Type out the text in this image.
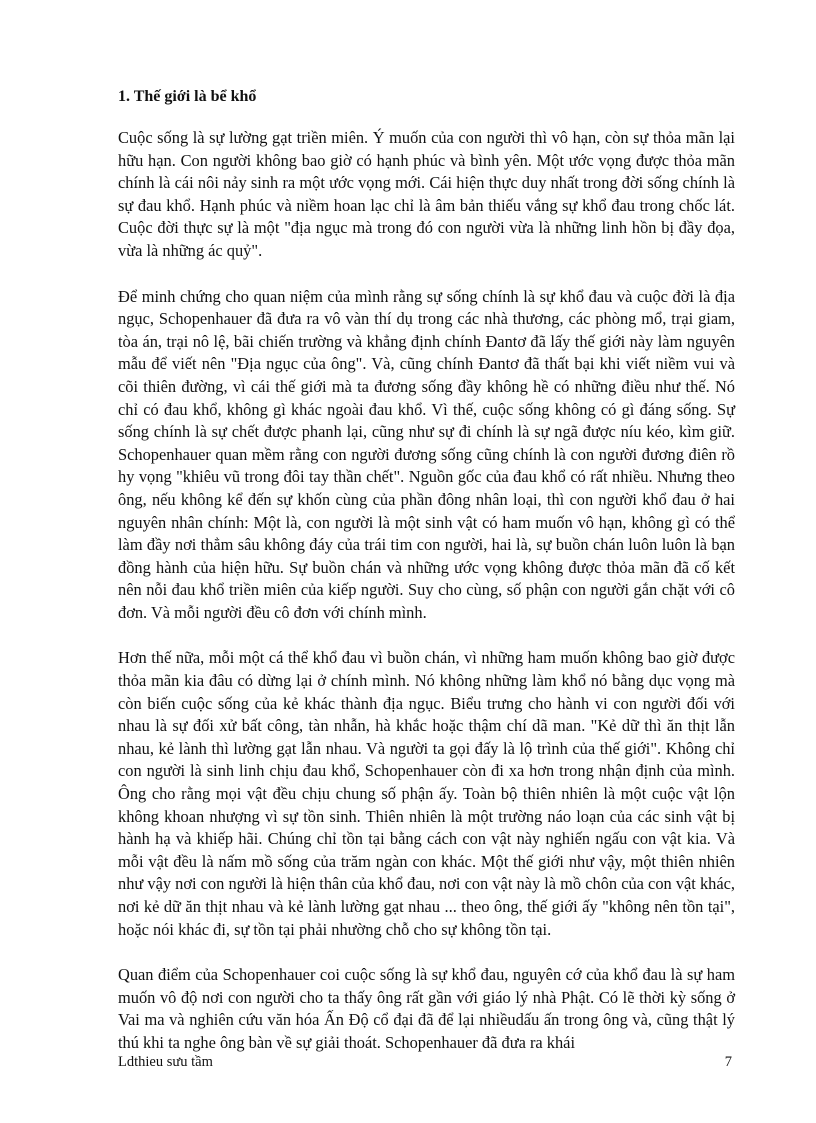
1. Thế giới là bể khổ

Cuộc sống là sự lường gạt triền miên. Ý muốn của con người thì vô hạn, còn sự thỏa mãn lại hữu hạn. Con người không bao giờ có hạnh phúc và bình yên. Một ước vọng được thỏa mãn chính là cái nôi nảy sinh ra một ước vọng mới. Cái hiện thực duy nhất trong đời sống chính là sự đau khổ. Hạnh phúc và niềm hoan lạc chỉ là âm bản thiếu vắng sự khổ đau trong chốc lát. Cuộc đời thực sự là một "địa ngục mà trong đó con người vừa là những linh hồn bị đầy đọa, vừa là những ác quỷ".

Để minh chứng cho quan niệm của mình rằng sự sống chính là sự khổ đau và cuộc đời là địa ngục, Schopenhauer đã đưa ra vô vàn thí dụ trong các nhà thương, các phòng mổ, trại giam, tòa án, trại nô lệ, bãi chiến trường và khẳng định chính Đantơ đã lấy thế giới này làm nguyên mẫu để viết nên "Địa ngục của ông". Và, cũng chính Đantơ đã thất bại khi viết niềm vui và cõi thiên đường, vì cái thế giới mà ta đương sống đầy không hề có những điều như thế. Nó chỉ có đau khổ, không gì khác ngoài đau khổ. Vì thế, cuộc sống không có gì đáng sống. Sự sống chính là sự chết được phanh lại, cũng như sự đi chính là sự ngã được níu kéo, kìm giữ. Schopenhauer quan mềm rằng con người đương sống cũng chính là con người đương điên rồ hy vọng "khiêu vũ trong đôi tay thần chết". Nguồn gốc của đau khổ có rất nhiều. Nhưng theo ông, nếu không kể đến sự khốn cùng của phần đông nhân loại, thì con người khổ đau ở hai nguyên nhân chính: Một là, con người là một sinh vật có ham muốn vô hạn, không gì có thể làm đầy nơi thẳm sâu không đáy của trái tim con người, hai là, sự buồn chán luôn luôn là bạn đồng hành của hiện hữu. Sự buồn chán và những ước vọng không được thỏa mãn đã cố kết nên nỗi đau khổ triền miên của kiếp người. Suy cho cùng, số phận con người gắn chặt với cô đơn. Và mỗi người đều cô đơn với chính mình.

Hơn thế nữa, mỗi một cá thể khổ đau vì buồn chán, vì những ham muốn không bao giờ được thỏa mãn kia đâu có dừng lại ở chính mình. Nó không những làm khổ nó bằng dục vọng mà còn biến cuộc sống của kẻ khác thành địa ngục. Biểu trưng cho hành vi con người đối với nhau là sự đối xử bất công, tàn nhẫn, hà khắc hoặc thậm chí dã man. "Kẻ dữ thì ăn thịt lẫn nhau, kẻ lành thì lường gạt lẫn nhau. Và người ta gọi đấy là lộ trình của thế giới". Không chỉ con người là sinh linh chịu đau khổ, Schopenhauer còn đi xa hơn trong nhận định của mình. Ông cho rằng mọi vật đều chịu chung số phận ấy. Toàn bộ thiên nhiên là một cuộc vật lộn không khoan nhượng vì sự tồn sinh. Thiên nhiên là một trường náo loạn của các sinh vật bị hành hạ và khiếp hãi. Chúng chỉ tồn tại bằng cách con vật này nghiến ngấu con vật kia. Và mỗi vật đều là nấm mồ sống của trăm ngàn con khác. Một thế giới như vậy, một thiên nhiên như vậy nơi con người là hiện thân của khổ đau, nơi con vật này là mồ chôn của con vật khác, nơi kẻ dữ ăn thịt nhau và kẻ lành lường gạt nhau ... theo ông, thế giới ấy "không nên tồn tại", hoặc nói khác đi, sự tồn tại phải nhường chỗ cho sự không tồn tại.

Quan điểm của Schopenhauer coi cuộc sống là sự khổ đau, nguyên cớ của khổ đau là sự ham muốn vô độ nơi con người cho ta thấy ông rất gần với giáo lý nhà Phật. Có lẽ thời kỳ sống ở Vai ma và nghiên cứu văn hóa Ấn Độ cổ đại đã để lại nhiềudấu ấn trong ông và, cũng thật lý thú khi ta nghe ông bàn về sự giải thoát. Schopenhauer đã đưa ra khái

Ldthieu sưu tầm	7
